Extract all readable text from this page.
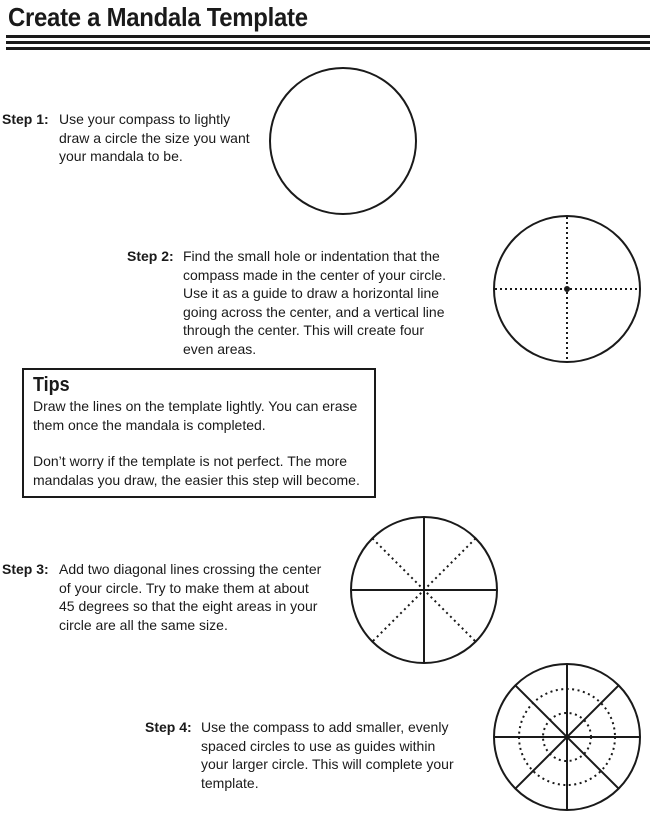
Create a Mandala Template
Step 1: Use your compass to lightly
draw a circle the size you want
your mandala to be.
Step 2: Find the small hole or indentation that the
compass made in the center of your circle.
Use it as a guide to draw a horizontal line
going across the center, and a vertical line
through the center. This will create four
even areas.
Tips
Draw the lines on the template lightly. You can erase
them once the mandala is completed.
Don’t worry if the template is not perfect. The more
mandalas you draw, the easier this step will become.
Step 3: Add two diagonal lines crossing the center
of your circle. Try to make them at about
45 degrees so that the eight areas in your
circle are all the same size.
Step 4: Use the compass to add smaller, evenly
spaced circles to use as guides within
your larger circle. This will complete your
template.
